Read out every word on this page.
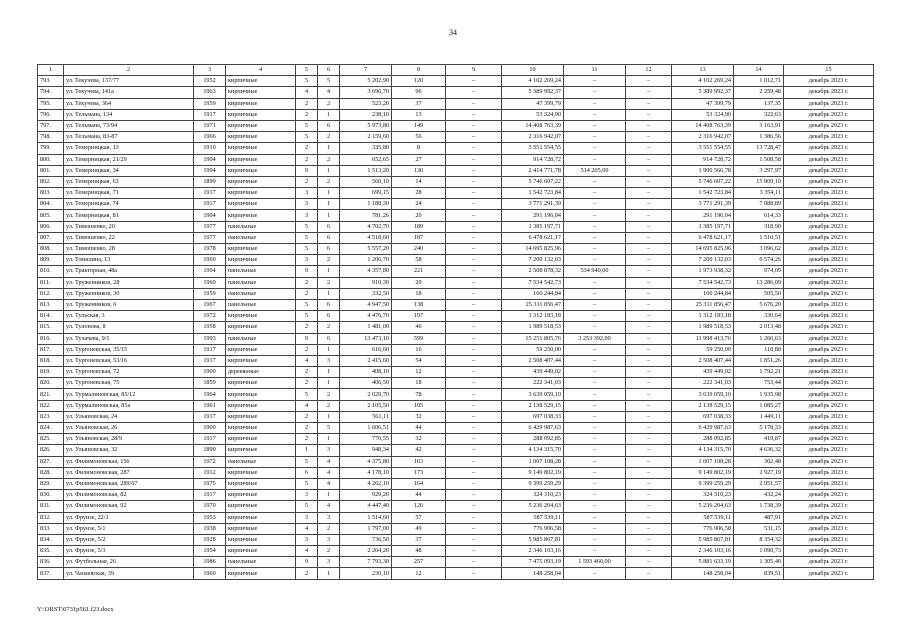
34
1	2	3	4	5	6	7	8	9	10	11	12	13	14	15
793.	ул. Текучева, 137/77	1952	кирпичные	5	5	5 202,90	120	–	4 102 269,24	–	–	4 102 269,24	1 012,71	декабрь 2023 г.
794.	ул. Текучева, 141а	1963	кирпичные	4	4	3 696,70	96	–	5 389 992,37	–	–	5 389 992,37	2 259,48	декабрь 2023 г.
795.	ул. Текучева, 364	1959	кирпичные	2	2	523,20	37	–	47 399,79	–	–	47 399,79	137,35	декабрь 2023 г.
796.	ул. Тельмана, 134	1917	кирпичные	2	1	238,10	13	–	53 324,90	–	–	53 324,90	322,63	декабрь 2023 г.
797.	ул. Тельмана, 73/94	1971	кирпичные	5	6	5 973,80	149	–	14 408 763,39	–	–	14 408 763,39	3 163,91	декабрь 2023 г.
798.	ул. Тельмана, 83-87	1966	кирпичные	5	2	2 159,60	56	–	2 316 942,07	–	–	2 316 942,07	1 386,56	декабрь 2023 г.
799.	ул. Темерницкая, 13	1910	кирпичные	2	1	335,80	8	–	3 551 554,55	–	–	3 551 554,55	13 728,47	декабрь 2023 г.
800.	ул. Темерницкая, 21/29	1904	кирпичные	2	2	652,65	27	–	914 728,72	–	–	914 728,72	1 508,58	декабрь 2023 г.
801.	ул. Темерницкая, 34	1994	кирпичные	9	1	1 513,20	130	–	2 414 771,78	514 205,00	–	1 900 566,78	3 297,97	декабрь 2023 г.
802.	ул. Темерницкая, 63	1899	кирпичные	2	2	560,10	14	–	5 746 607,22	–	–	5 746 607,22	15 809,10	декабрь 2023 г.
803.	ул. Темерницкая, 71	1917	кирпичные	3	1	699,15	28	–	1 542 723,84	–	–	1 542 723,84	3 354,11	декабрь 2023 г.
804.	ул. Темерницкая, 74	1917	кирпичные	3	1	1 188,30	24	–	3 771 291,39	–	–	3 771 291,39	7 088,89	декабрь 2023 г.
805.	ул. Темерницкая, 81	1904	кирпичные	3	1	781,26	20	–	291 196,04	–	–	291 196,04	614,33	декабрь 2023 г.
806.	ул. Тимошенко, 20	1977	панельные	5	6	4 702,70	189	–	1 385 197,71	–	–	1 385 197,71	318,90	декабрь 2023 г.
807.	ул. Тимошенко, 22	1977	панельные	5	6	4 518,60	187	–	6 478 621,17	–	–	6 478 621,17	1 510,51	декабрь 2023 г.
808.	ул. Тимошенко, 28	1978	кирпичные	5	6	5 557,20	240	–	14 695 825,96	–	–	14 695 825,96	3 096,62	декабрь 2023 г.
809.	ул. Томилина, 13	1960	кирпичные	3	2	1 206,70	58	–	7 200 132,03	–	–	7 200 132,03	6 574,26	декабрь 2023 г.
810.	ул. Тракторная, 48а	1994	панельные	9	1	4 357,80	221	–	2 508 878,32	534 940,00	–	1 973 938,32	974,09	декабрь 2023 г.
811.	ул. Труженников, 28	1960	панельные	2	2	910,30	20	–	7 534 542,73	–	–	7 534 542,73	13 286,09	декабрь 2023 г.
812.	ул. Труженников, 30	1959	панельные	2	1	332,50	18	–	160 244,84	–	–	160 244,84	505,50	декабрь 2023 г.
813.	ул. Труженников, 6	1967	панельные	5	6	4 947,50	138	–	25 311 856,47	–	–	25 311 856,47	5 676,20	декабрь 2023 г.
814.	ул. Тульская, 3	1972	кирпичные	5	6	4 476,70	197	–	1 312 183,18	–	–	1 312 183,18	330,64	декабрь 2023 г.
815.	ул. Тулонова, 8	1958	кирпичные	2	2	1 481,00	46	–	1 989 518,53	–	–	1 989 518,53	2 013,48	декабрь 2023 г.
816.	ул. Тухачева, 9/1	1993	панельные	9	6	13 473,10	599	–	15 251 805,76	3 253 392,00	–	11 998 413,76	1 266,63	декабрь 2023 г.
817.	ул. Тургеневская, 35/15	1917	кирпичные	2	1	616,60	16	–	59 250,00	–	–	59 250,00	118,88	декабрь 2023 г.
818.	ул. Тургеневская, 53/16	1917	кирпичные	4	3	2 415,60	54	–	2 508 407,44	–	–	2 508 407,44	1 851,26	декабрь 2023 г.
819.	ул. Тургеневская, 72	1900	деревянные	2	1	408,10	12	–	439 449,02	–	–	439 449,02	1 792,21	декабрь 2023 г.
820.	ул. Тургеневская, 75	1859	кирпичные	2	1	406,50	18	–	222 341,03	–	–	222 341,03	753,44	декабрь 2023 г.
821.	ул. Турмалиновская, 85/12	1964	кирпичные	5	2	2 029,70	78	–	3 639 059,10	–	–	3 639 059,10	1 935,98	декабрь 2023 г.
822.	ул. Турмалиновская, 85а	1961	кирпичные	4	2	2 105,50	105	–	2 138 529,15	–	–	2 138 529,15	1 085,27	декабрь 2023 г.
823.	ул. Ульяновская, 24	1917	кирпичные	2	1	561,11	32	–	697 038,33	–	–	697 038,33	1 449,11	декабрь 2023 г.
824.	ул. Ульяновская, 26	1900	кирпичные	2	5	1 606,51	44	–	6 429 987,63	–	–	6 429 987,63	5 178,33	декабрь 2023 г.
825.	ул. Ульяновская, 28/9	1917	кирпичные	2	1	770,55	32	–	288 092,85	–	–	288 092,85	419,87	декабрь 2023 г.
826.	ул. Ульяновская, 32	1890	кирпичные	1	3	948,34	42	–	4 134 315,70	–	–	4 134 315,70	4 636,32	декабрь 2023 г.
827.	ул. Филимоновская, 156	1972	панельные	5	4	4 375,80	163	–	1 007 108,28	–	–	1 007 108,28	302,48	декабрь 2023 г.
828.	ул. Филимоновская, 287	1912	кирпичные	6	4	4 178,10	173	–	9 149 802,19	–	–	9 149 802,19	2 927,19	декабрь 2023 г.
829.	ул. Филимоновская, 289/67	1975	кирпичные	5	4	4 262,10	164	–	9 399 259,29	–	–	9 399 259,29	2 951,57	декабрь 2023 г.
830.	ул. Филимоновская, 82	1917	кирпичные	3	1	929,20	44	–	324 310,23	–	–	324 310,23	432,24	декабрь 2023 г.
831.	ул. Филимоновская, 92	1970	кирпичные	5	4	4 447,40	126	–	5 236 204,63	–	–	5 236 204,63	1 738,39	декабрь 2023 г.
832.	ул. Фрунзе, 22/1	1953	кирпичные	3	3	1 514,60	57	–	587 539,11	–	–	587 539,11	487,91	декабрь 2023 г.
833.	ул. Фрунзе, 5/1	1938	кирпичные	4	2	1 797,00	49	–	776 906,58	–	–	776 906,58	531,15	декабрь 2023 г.
834.	ул. Фрунзе, 5/2	1928	кирпичные	3	3	736,50	37	–	5 985 867,81	–	–	5 985 867,81	8 354,32	декабрь 2023 г.
835.	ул. Фрунзе, 5/3	1954	кирпичные	4	2	2 204,20	48	–	2 346 103,16	–	–	2 346 103,16	1 090,73	декабрь 2023 г.
836.	ул. Футбольная, 26	1986	панельные	9	3	7 793,30	257	–	7 475 093,19	1 593 460,00	–	5 881 633,19	1 305,40	декабрь 2023 г.
837.	ул. Чапаевская, 39	1960	кирпичные	2	1	230,10	12	–	148 258,04	–	–	148 258,04	839,51	декабрь 2023 г.
Y:\ORST\0731p561.f23.docx
